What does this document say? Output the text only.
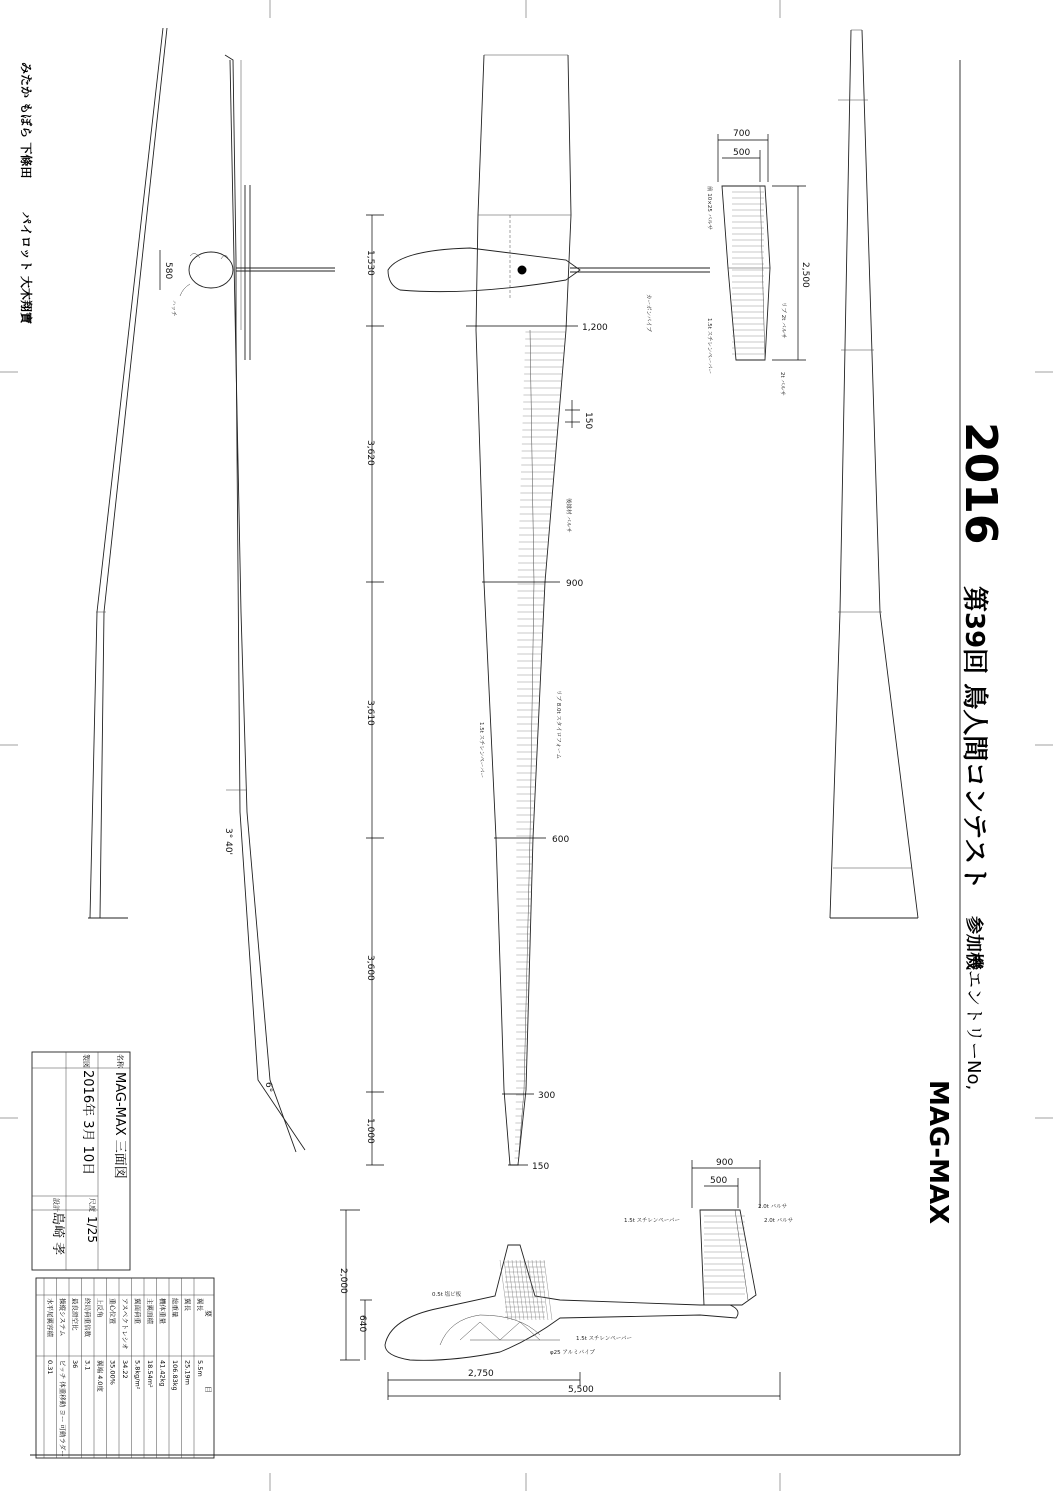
580
ハッチ
3° 40'
6°
1,530
3,620
3,610
3,600
1,000
1,200
900
600
300
150
150
カーボンパイプ
後縁材 バルサ
リブ 8.0t スタイロフォーム
1.5t スチレンペーパー
700
500
2,500
前 10×25 バルサ
リブ 2t バルサ
1.5t スチレンペーパー
2t バルサ
900
500
2,000
640
2,750
5,500
1.5t スチレンペーパー
2.0t バルサ
2.0t バルサ
0.5t 塩ビ板
1.5t スチレンペーパー
φ25 アルミパイプ
2016
第39回 鳥人間コンテスト
参加機
エントリーNo,
MAG-MAX
みたか もぼら 下條田
パイロット 大木翔寶
名称
MAG-MAX 三面図
尺度
1/25
製図
2016年 3月 10日
設計
島崎 孝
翼長
5.5m
翼長
25.19m
総重量
106.83kg
機体重量
41.42kg
主翼面積
18.54m²
翼面荷重
5.8kg/m²
アスペクトレシオ
34.22
重心位置
35.00%
上反角
翼端 4.0度
終局荷重倍数
3.1
最良滑空比
36
操縦システム
ピッチ 体重移動 ヨー 可動ラダー
水平尾翼容積
0.31
要
目
